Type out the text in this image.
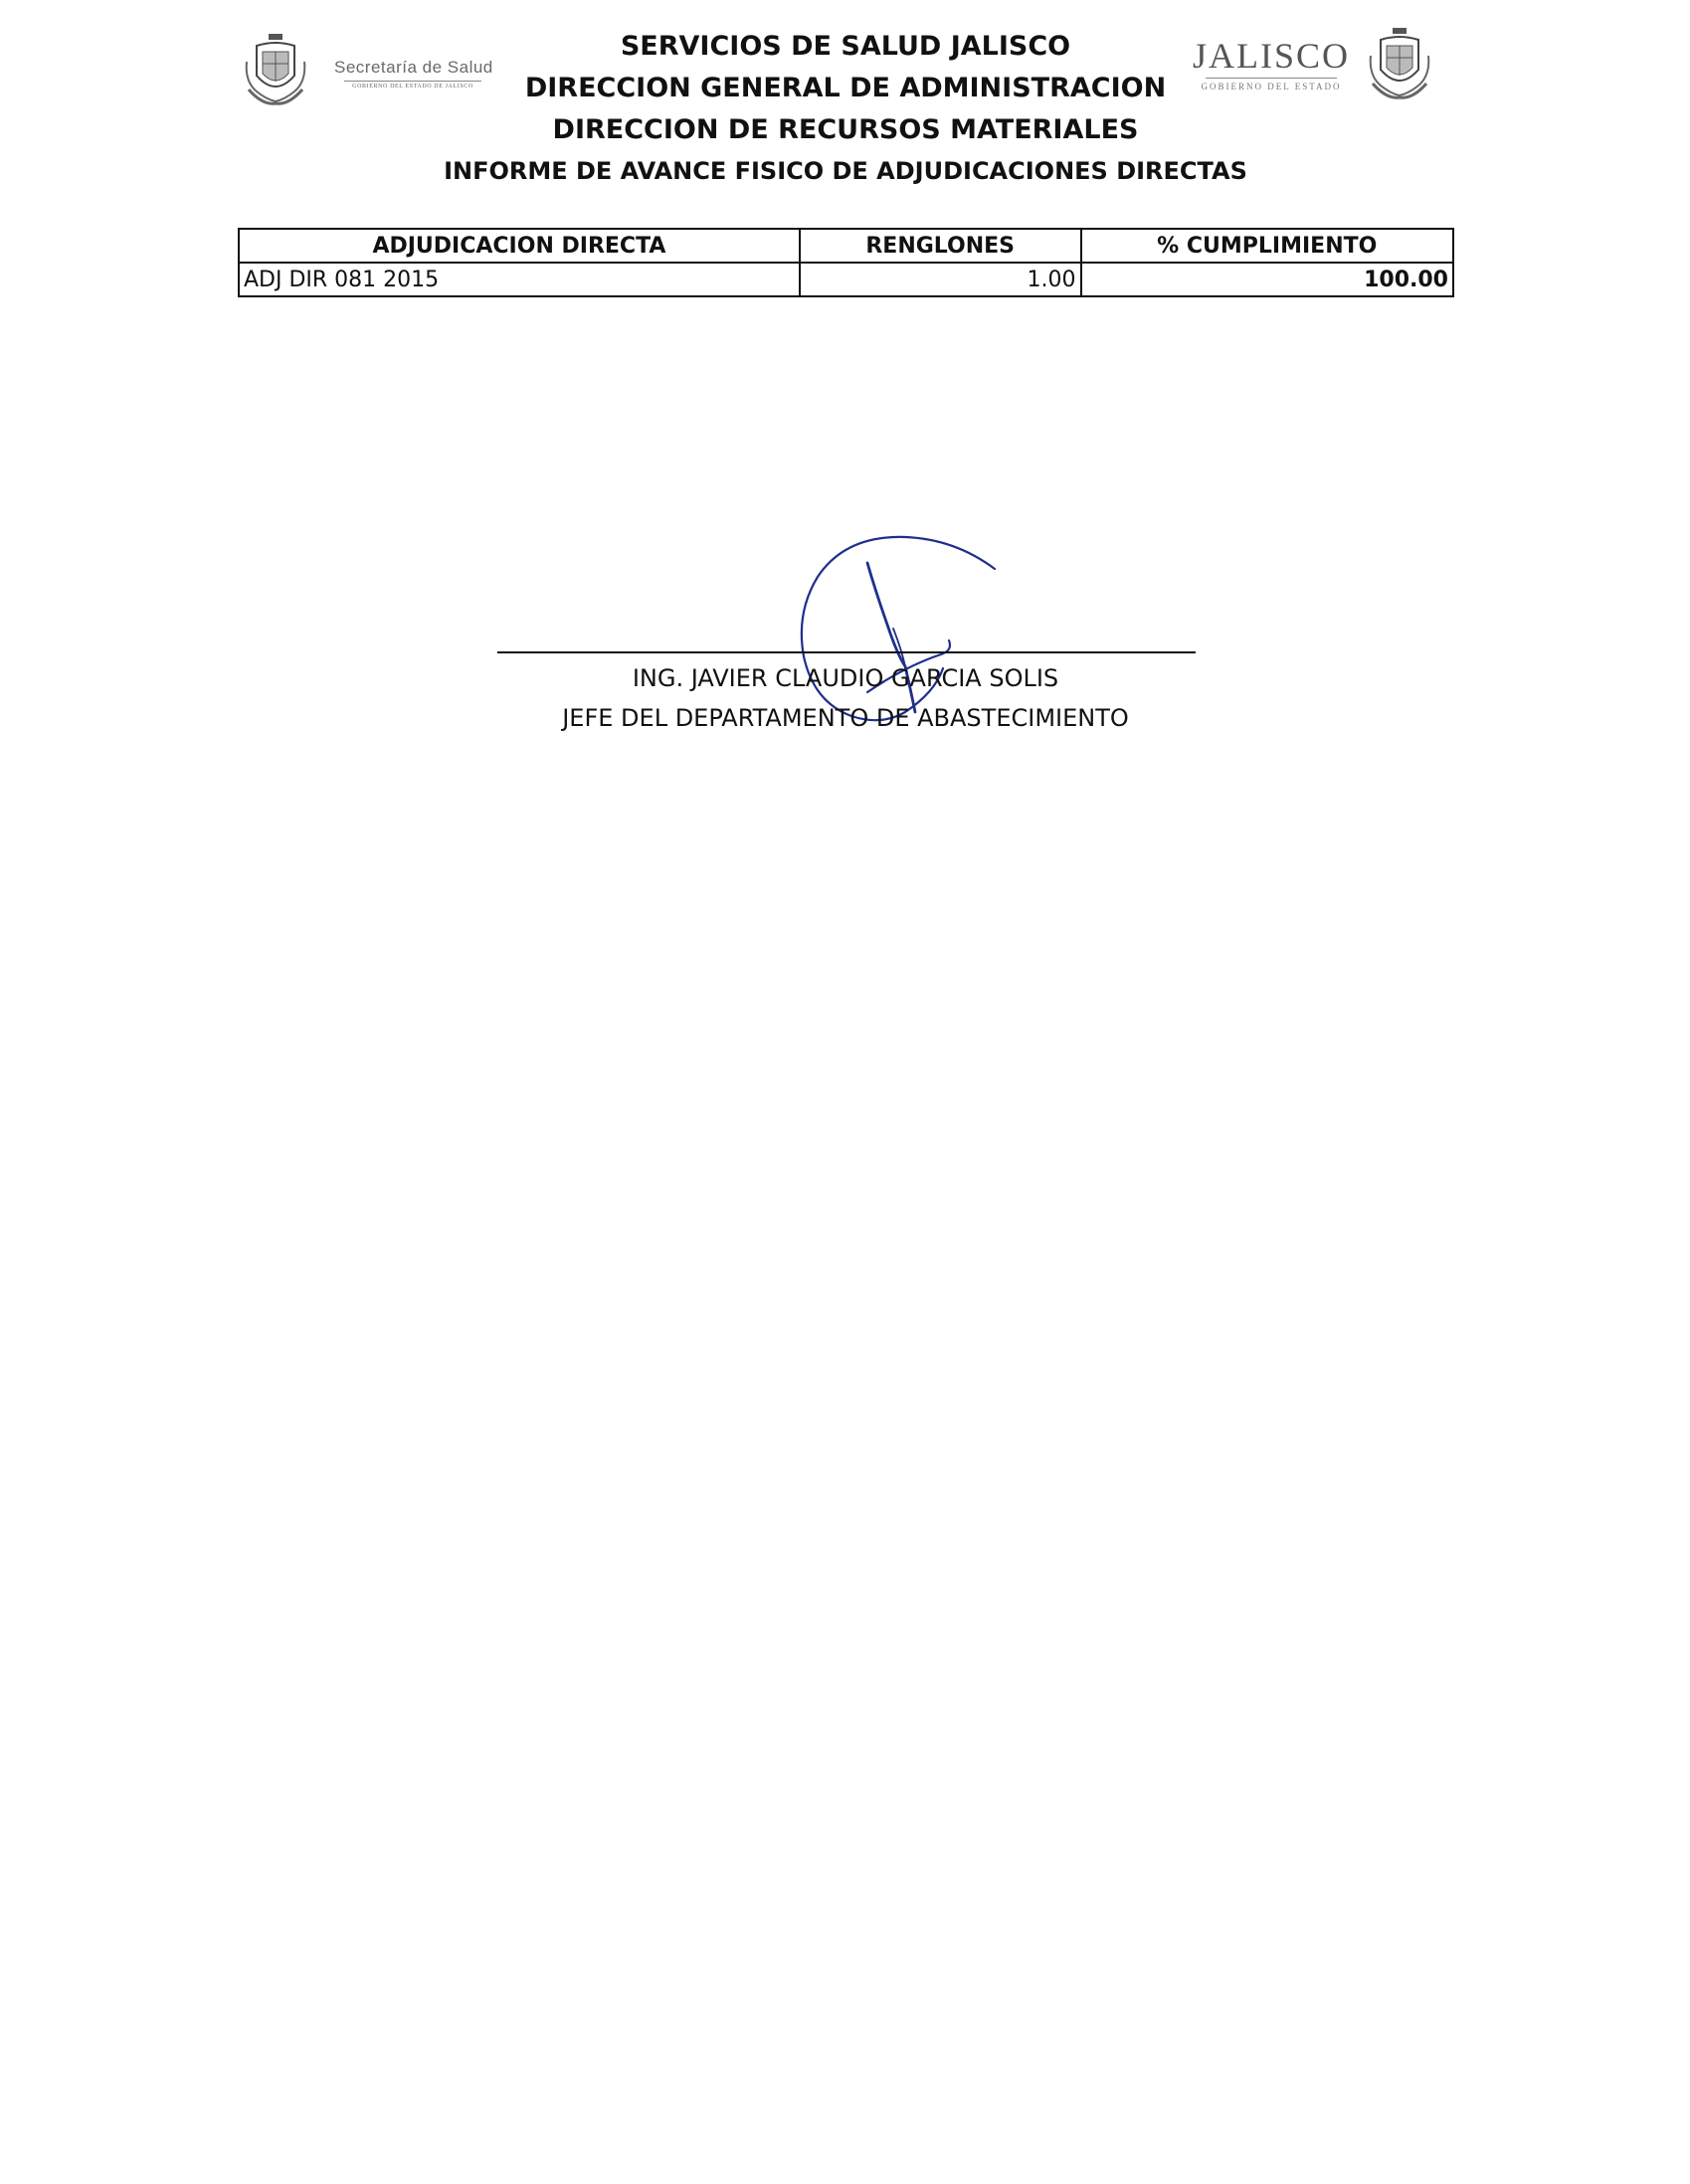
Secretaría de Salud
GOBIERNO DEL ESTADO DE JALISCO
SERVICIOS DE SALUD JALISCO
DIRECCION GENERAL DE ADMINISTRACION
DIRECCION DE RECURSOS MATERIALES
INFORME DE AVANCE FISICO DE ADJUDICACIONES DIRECTAS
JALISCO
GOBIERNO DEL ESTADO
ADJUDICACION DIRECTA	RENGLONES	% CUMPLIMIENTO
ADJ DIR 081 2015	1.00	100.00
ING. JAVIER CLAUDIO GARCIA SOLIS
JEFE DEL DEPARTAMENTO DE ABASTECIMIENTO
